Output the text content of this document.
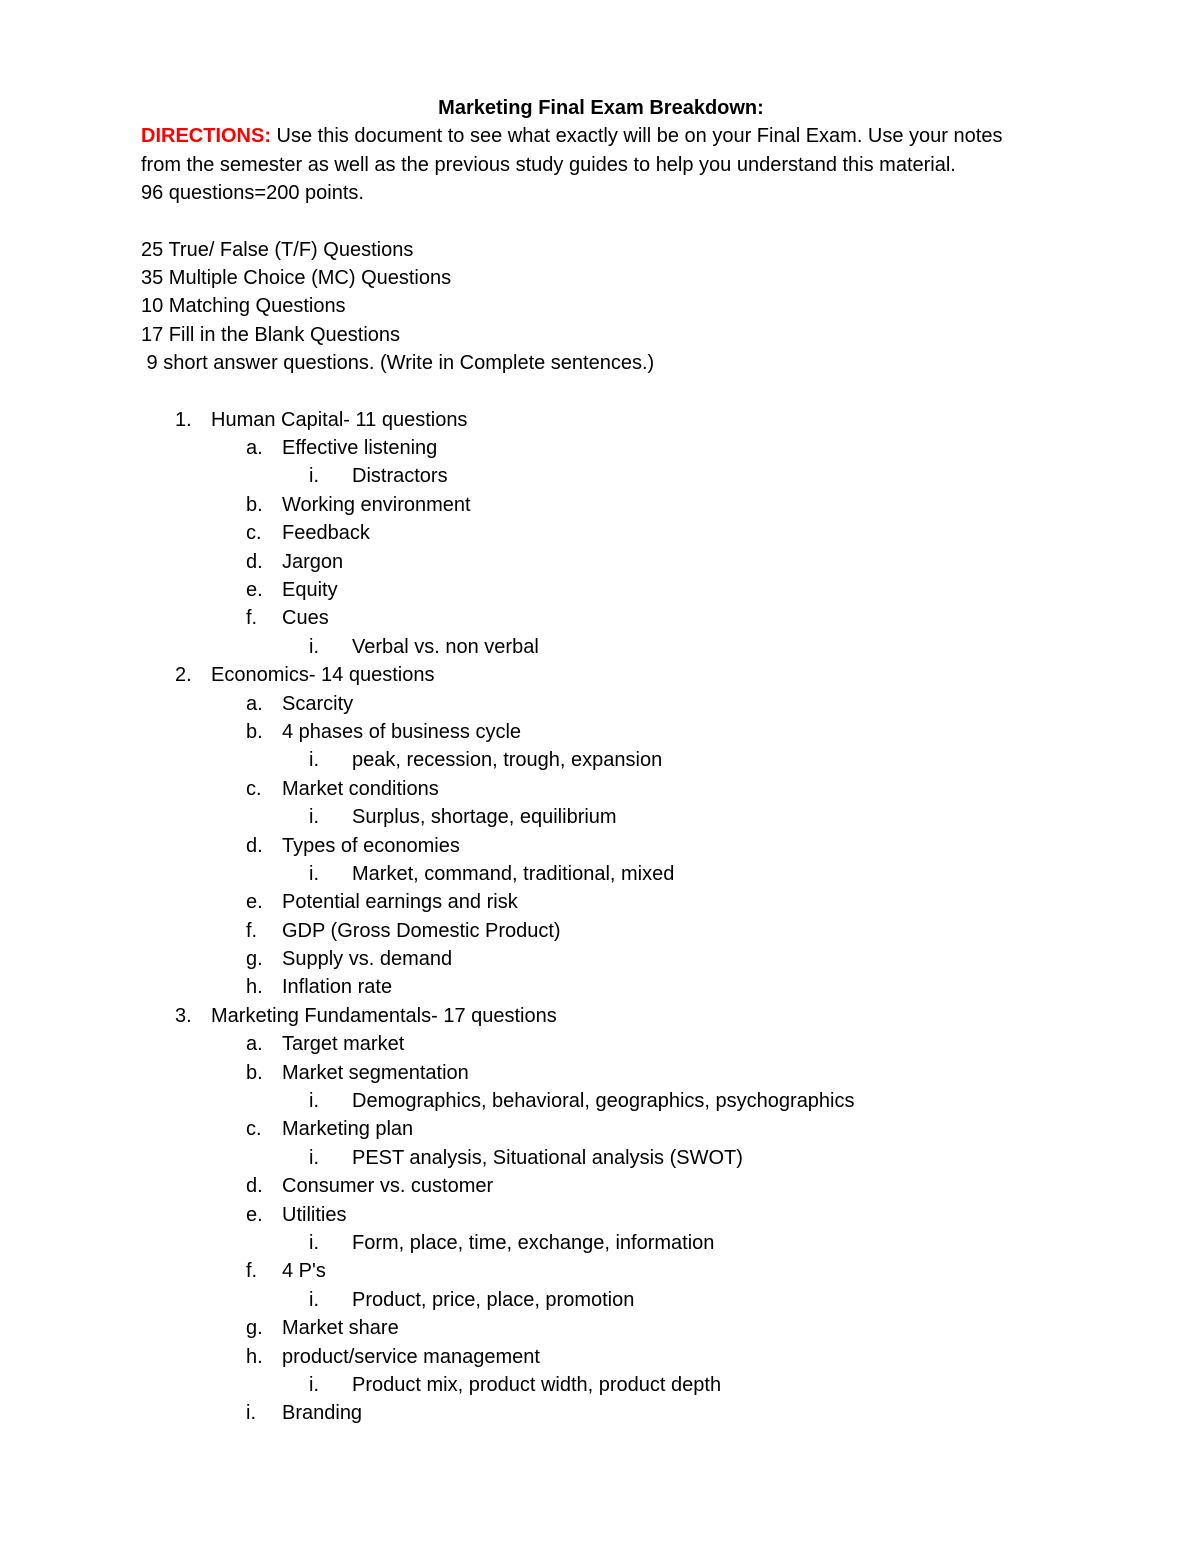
Marketing Final Exam Breakdown:

DIRECTIONS: Use this document to see what exactly will be on your Final Exam. Use your notes from the semester as well as the previous study guides to help you understand this material.

96 questions=200 points.

25 True/ False (T/F) Questions

35 Multiple Choice (MC) Questions

10 Matching Questions

17 Fill in the Blank Questions

9 short answer questions. (Write in Complete sentences.)

1. Human Capital- 11 questions
a. Effective listening
i. Distractors
b. Working environment
c. Feedback
d. Jargon
e. Equity
f. Cues
i. Verbal vs. non verbal
2. Economics- 14 questions
a. Scarcity
b. 4 phases of business cycle
i. peak, recession, trough, expansion
c. Market conditions
i. Surplus, shortage, equilibrium
d. Types of economies
i. Market, command, traditional, mixed
e. Potential earnings and risk
f. GDP (Gross Domestic Product)
g. Supply vs. demand
h. Inflation rate
3. Marketing Fundamentals- 17 questions
a. Target market
b. Market segmentation
i. Demographics, behavioral, geographics, psychographics
c. Marketing plan
i. PEST analysis, Situational analysis (SWOT)
d. Consumer vs. customer
e. Utilities
i. Form, place, time, exchange, information
f. 4 P's
i. Product, price, place, promotion
g. Market share
h. product/service management
i. Product mix, product width, product depth
i. Branding
